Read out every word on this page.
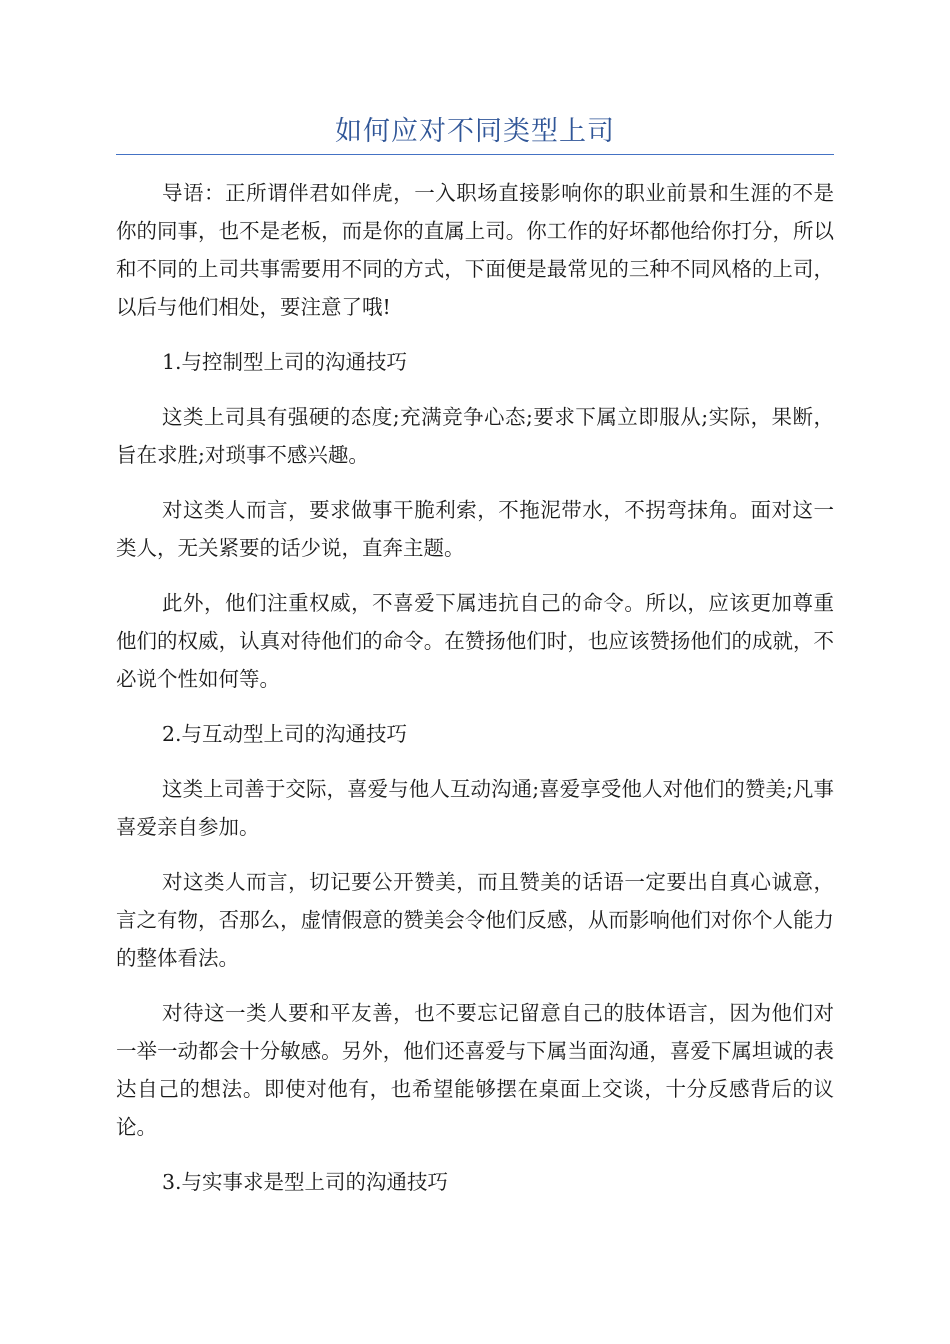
如何应对不同类型上司

导语：正所谓伴君如伴虎，一入职场直接影响你的职业前景和生涯的不是你的同事，也不是老板，而是你的直属上司。你工作的好坏都他给你打分，所以和不同的上司共事需要用不同的方式，下面便是最常见的三种不同风格的上司，以后与他们相处，要注意了哦!

1.与控制型上司的沟通技巧

这类上司具有强硬的态度;充满竞争心态;要求下属立即服从;实际，果断，旨在求胜;对琐事不感兴趣。

对这类人而言，要求做事干脆利索，不拖泥带水，不拐弯抹角。面对这一类人，无关紧要的话少说，直奔主题。

此外，他们注重权威，不喜爱下属违抗自己的命令。所以，应该更加尊重他们的权威，认真对待他们的命令。在赞扬他们时，也应该赞扬他们的成就，不必说个性如何等。

2.与互动型上司的沟通技巧

这类上司善于交际，喜爱与他人互动沟通;喜爱享受他人对他们的赞美;凡事喜爱亲自参加。

对这类人而言，切记要公开赞美，而且赞美的话语一定要出自真心诚意，言之有物，否那么，虚情假意的赞美会令他们反感，从而影响他们对你个人能力的整体看法。

对待这一类人要和平友善，也不要忘记留意自己的肢体语言，因为他们对一举一动都会十分敏感。另外，他们还喜爱与下属当面沟通，喜爱下属坦诚的表达自己的想法。即使对他有，也希望能够摆在桌面上交谈，十分反感背后的议论。

3.与实事求是型上司的沟通技巧
